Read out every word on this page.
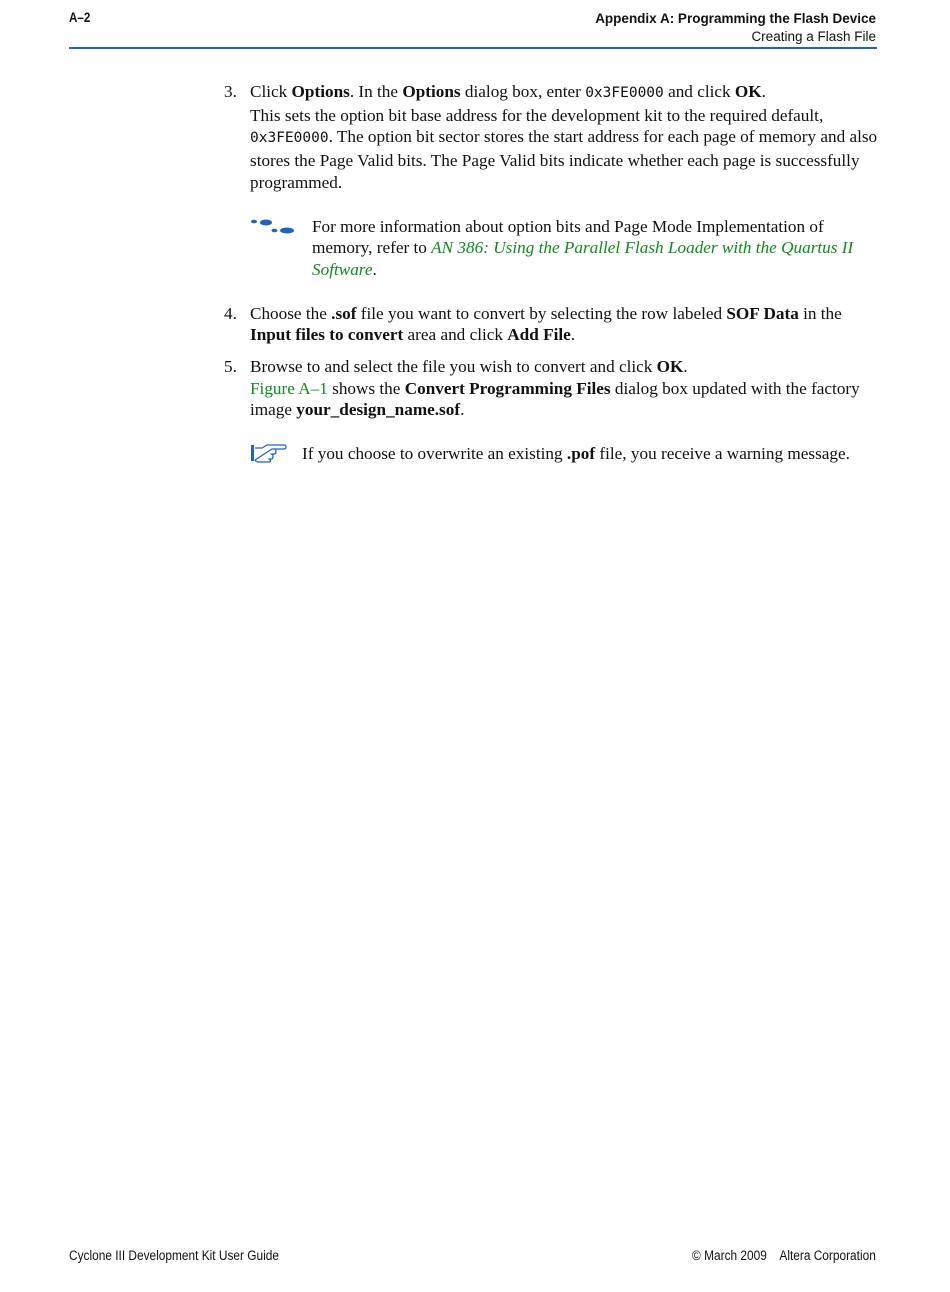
A–2	Appendix A: Programming the Flash Device
Creating a Flash File
3. Click Options. In the Options dialog box, enter 0x3FE0000 and click OK.

This sets the option bit base address for the development kit to the required default, 0x3FE0000. The option bit sector stores the start address for each page of memory and also stores the Page Valid bits. The Page Valid bits indicate whether each page is successfully programmed.

For more information about option bits and Page Mode Implementation of memory, refer to AN 386: Using the Parallel Flash Loader with the Quartus II Software.
4. Choose the .sof file you want to convert by selecting the row labeled SOF Data in the Input files to convert area and click Add File.

5. Browse to and select the file you wish to convert and click OK.

Figure A–1 shows the Convert Programming Files dialog box updated with the factory image your_design_name.sof.

If you choose to overwrite an existing .pof file, you receive a warning message.
Cyclone III Development Kit User Guide	© March 2009    Altera Corporation
